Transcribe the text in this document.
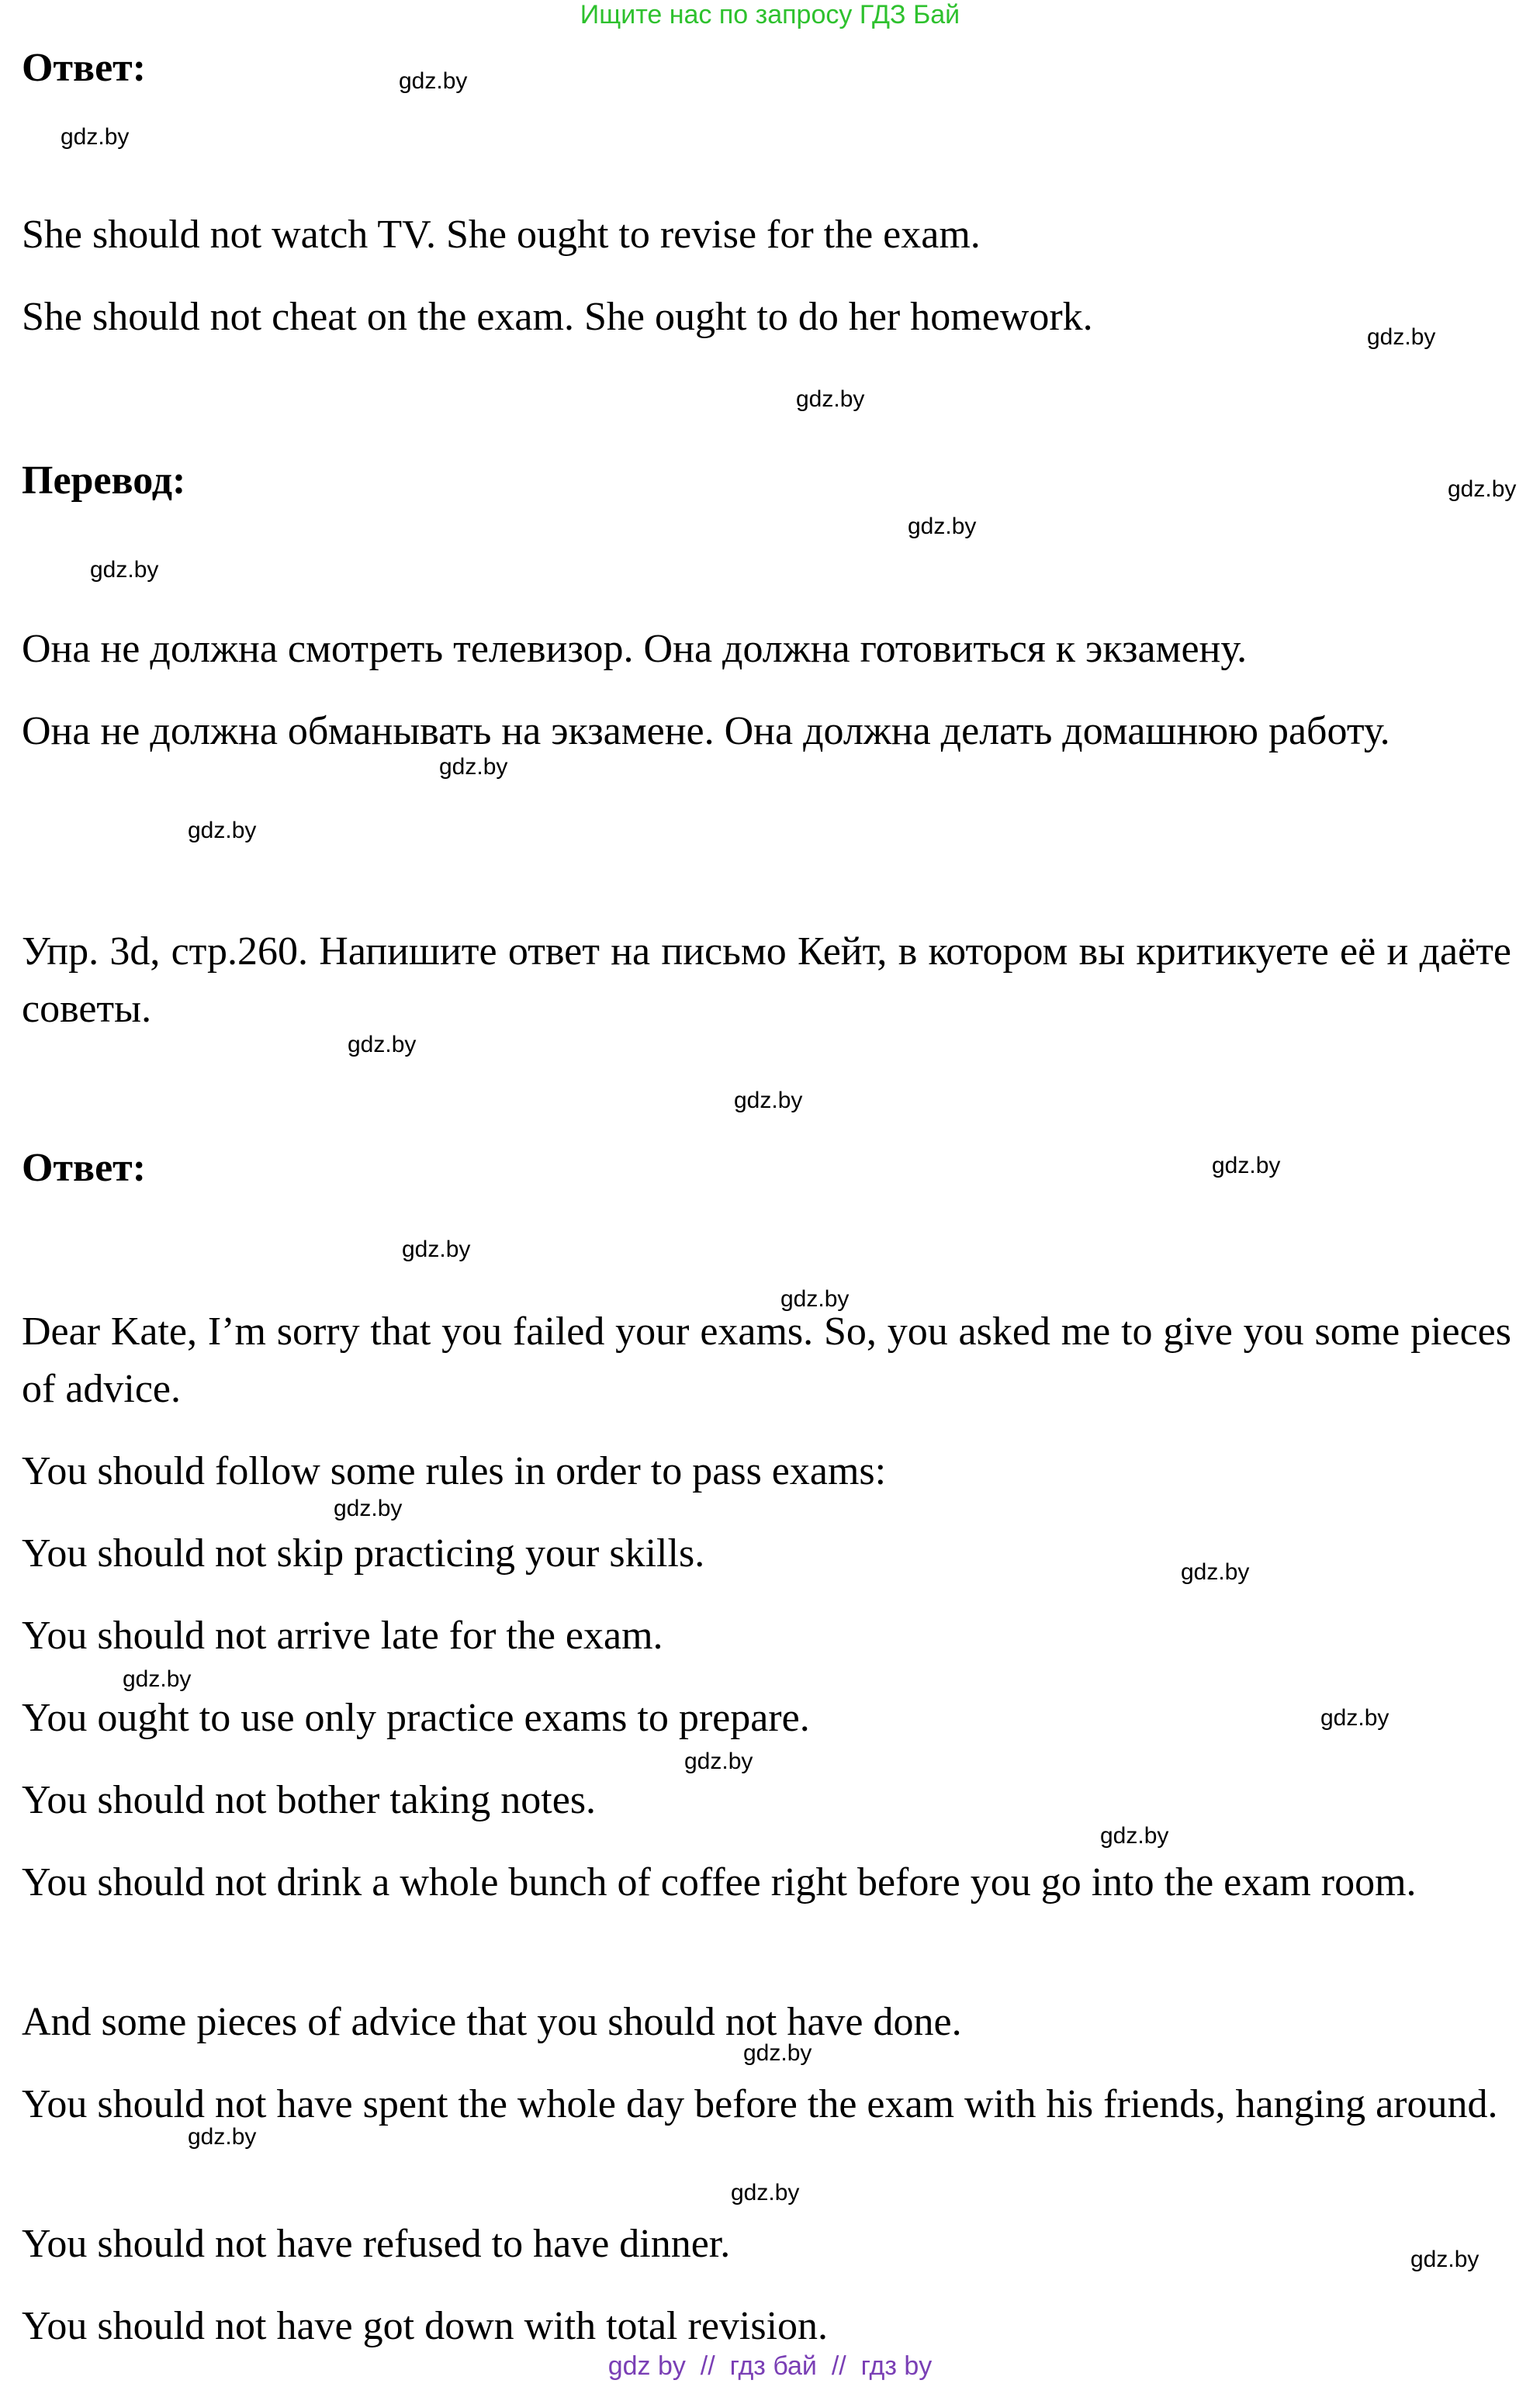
Ищите нас по запросу ГДЗ Бай
Ответ:
She should not watch TV. She ought to revise for the exam.
She should not cheat on the exam. She ought to do her homework.
Перевод:
Она не должна смотреть телевизор. Она должна готовиться к экзамену.
Она не должна обманывать на экзамене. Она должна делать домашнюю работу.
Упр. 3d, стр.260. Напишите ответ на письмо Кейт, в котором вы критикуете её и даёте советы.
Ответ:
Dear Kate, I’m sorry that you failed your exams. So, you asked me to give you some pieces of advice.
You should follow some rules in order to pass exams:
You should not skip practicing your skills.
You should not arrive late for the exam.
You ought to use only practice exams to prepare.
You should not bother taking notes.
You should not drink a whole bunch of coffee right before you go into the exam room.
And some pieces of advice that you should not have done.
You should not have spent the whole day before the exam with his friends, hanging around.
You should not have refused to have dinner.
You should not have got down with total revision.
gdz.by
gdz.by
gdz.by
gdz.by
gdz.by
gdz.by
gdz.by
gdz.by
gdz.by
gdz.by
gdz.by
gdz.by
gdz.by
gdz.by
gdz.by
gdz.by
gdz.by
gdz.by
gdz.by
gdz.by
gdz.by
gdz.by
gdz.by
gdz.by
gdz by  //  гдз бай  //  гдз by
